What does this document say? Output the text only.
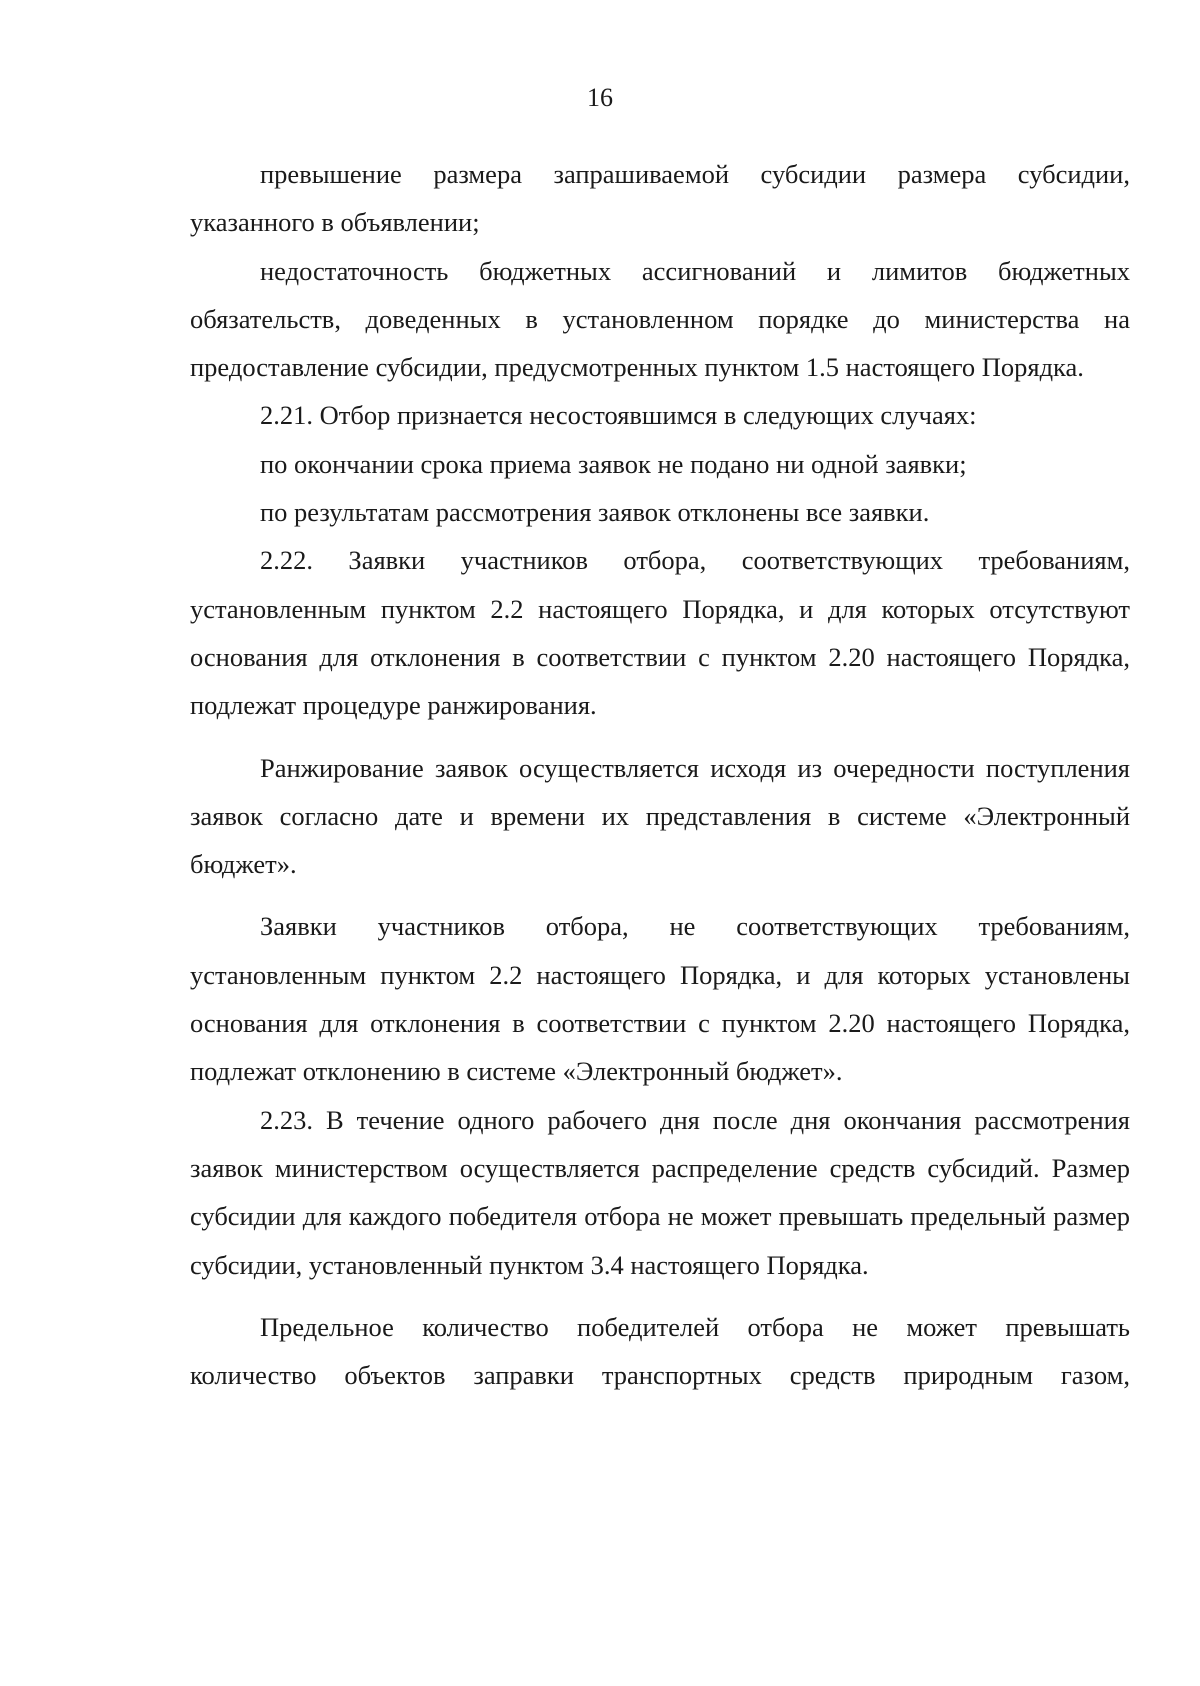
16

превышение размера запрашиваемой субсидии размера субсидии, указанного в объявлении;

недостаточность бюджетных ассигнований и лимитов бюджетных обязательств, доведенных в установленном порядке до министерства на предоставление субсидии, предусмотренных пунктом 1.5 настоящего Порядка.

2.21. Отбор признается несостоявшимся в следующих случаях:

по окончании срока приема заявок не подано ни одной заявки;

по результатам рассмотрения заявок отклонены все заявки.

2.22. Заявки участников отбора, соответствующих требованиям, установленным пунктом 2.2 настоящего Порядка, и для которых отсутствуют основания для отклонения в соответствии с пунктом 2.20 настоящего Порядка, подлежат процедуре ранжирования.

Ранжирование заявок осуществляется исходя из очередности поступления заявок согласно дате и времени их представления в системе «Электронный бюджет».

Заявки участников отбора, не соответствующих требованиям, установленным пунктом 2.2 настоящего Порядка, и для которых установлены основания для отклонения в соответствии с пунктом 2.20 настоящего Порядка, подлежат отклонению в системе «Электронный бюджет».

2.23. В течение одного рабочего дня после дня окончания рассмотрения заявок министерством осуществляется распределение средств субсидий. Размер субсидии для каждого победителя отбора не может превышать предельный размер субсидии, установленный пунктом 3.4 настоящего Порядка.

Предельное количество победителей отбора не может превышать количество объектов заправки транспортных средств природным газом,
